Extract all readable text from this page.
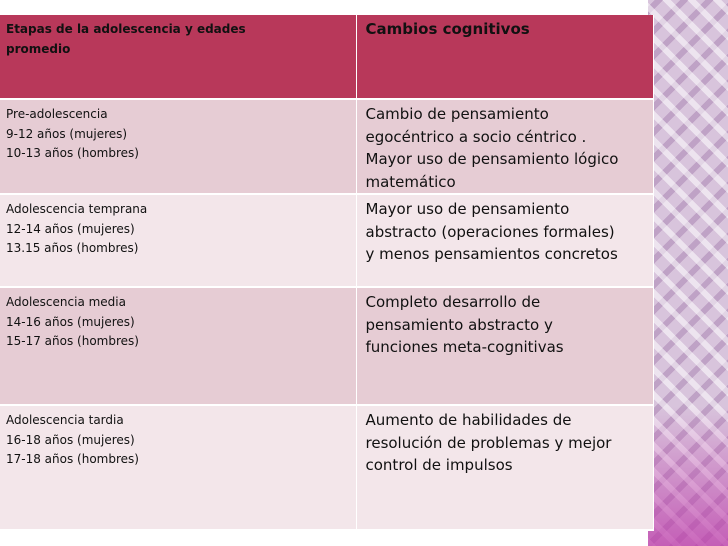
Etapas de la adolescencia y edades
promedio	Cambios cognitivos

Pre-adolescencia
9-12 años (mujeres)
10-13 años (hombres)	Cambio de pensamiento
egocéntrico a socio céntrico .
Mayor uso de pensamiento lógico
matemático

Adolescencia temprana
12-14 años (mujeres)
13.15 años (hombres)	Mayor uso de pensamiento
abstracto (operaciones formales)
y menos pensamientos concretos

Adolescencia media
14-16 años (mujeres)
15-17 años (hombres)	Completo desarrollo de
pensamiento abstracto y
funciones meta-cognitivas

Adolescencia tardia
16-18 años (mujeres)
17-18 años (hombres)	Aumento de habilidades de
resolución de problemas y mejor
control de impulsos
